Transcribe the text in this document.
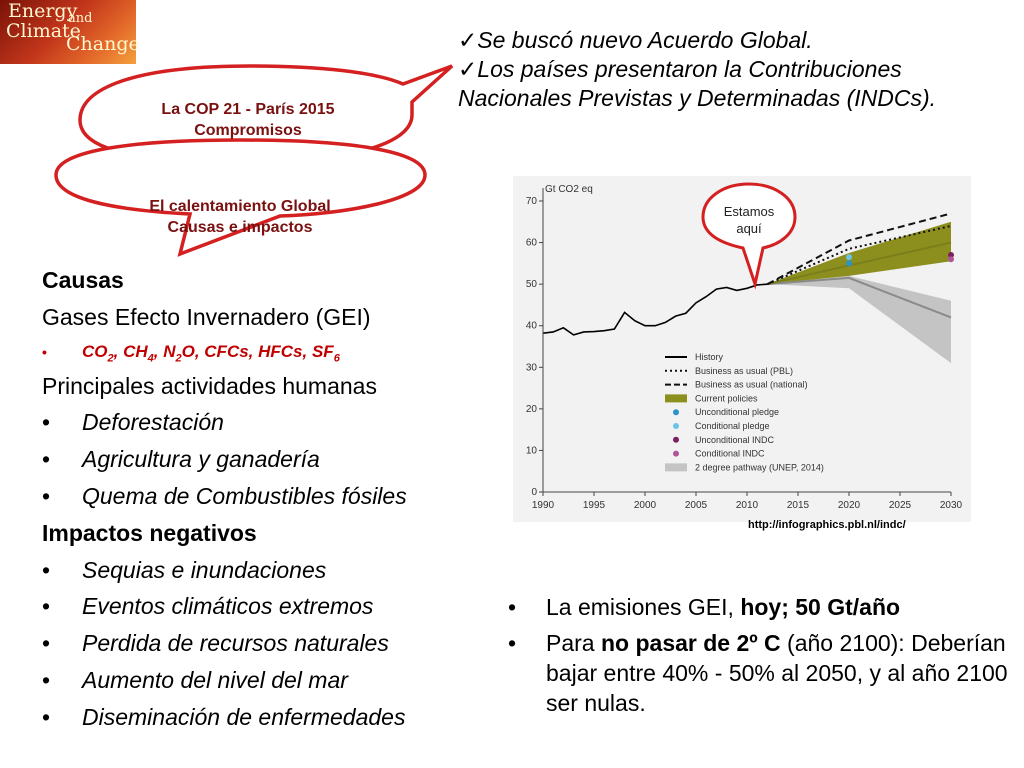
Energy
and
Climate
Change
La COP 21 - París 2015
Compromisos
El calentamiento Global
Causas e impactos
✓Se buscó nuevo Acuerdo Global.
✓Los países presentaron la Contribuciones
Nacionales Previstas y Determinadas (INDCs).
Causas
Gases Efecto Invernadero (GEI)
• $CO_2$, $CH_4$, $N_2O$, CFCs, HFCs, $SF_6$
Principales actividades humanas
• Deforestación
• Agricultura y ganadería
• Quema de Combustibles fósiles
Impactos negativos
• Sequias e inundaciones
• Eventos climáticos extremos
• Perdida de recursos naturales
• Aumento del nivel del mar
• Diseminación de enfermedades
0
10
20
30
40
50
60
70
1990	1995	2000	2005	2010	2015	2020	2025	2030
History
Business as usual (PBL)
Business as usual (national)
Current policies
Unconditional pledge
Conditional pledge
Unconditional INDC
Conditional INDC
2 degree pathway (UNEP, 2014)
Gt CO2 eq
Estamos
aquí
http://infographics.pbl.nl/indc/
• La emisiones GEI, hoy; 50 Gt/año
• Para no pasar de 2º C (año 2100): Deberían bajar entre 40% - 50% al 2050, y al año 2100 ser nulas.
